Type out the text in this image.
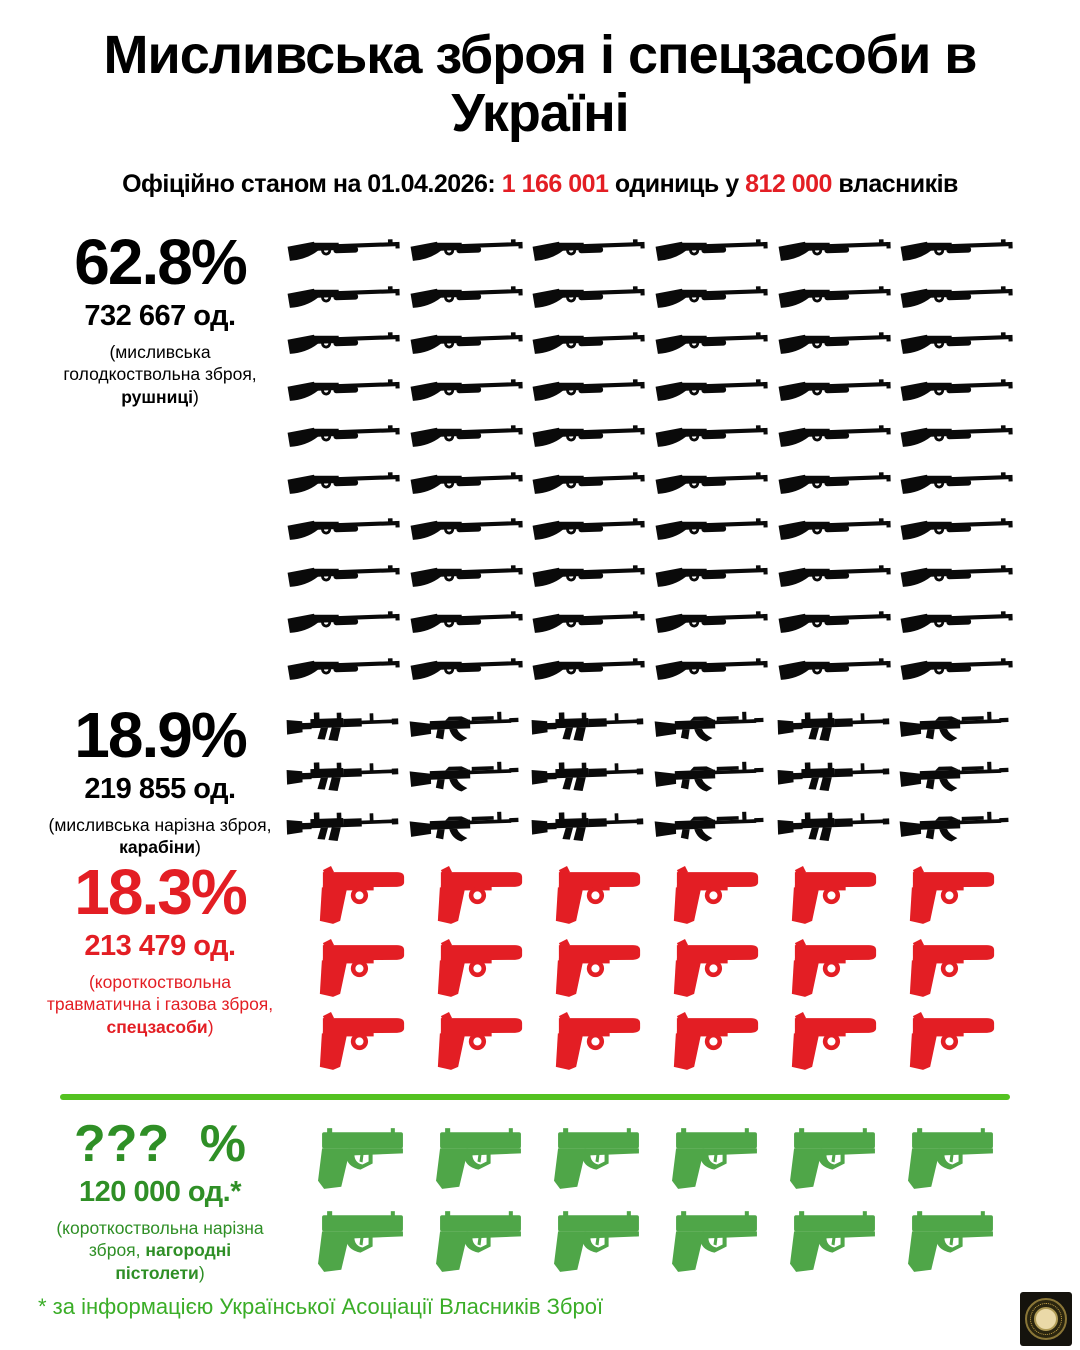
Мисливська зброя і спецзасоби в Україні
Офіційно станом на 01.04.2026: 1 166 001 одиниць у 812 000 власників
62.8%
732 667 од.
(мисливська голодкоствольна зброя, рушниці)
18.9%
219 855 од.
(мисливська нарізна зброя, карабіни)
18.3%
213 479 од.
(короткоствольна травматична і газова зброя, спецзасоби)
??? %
120 000 од.*
(короткоствольна нарізна зброя, нагородні пістолети)
* за інформацією Української Асоціації Власників Зброї
